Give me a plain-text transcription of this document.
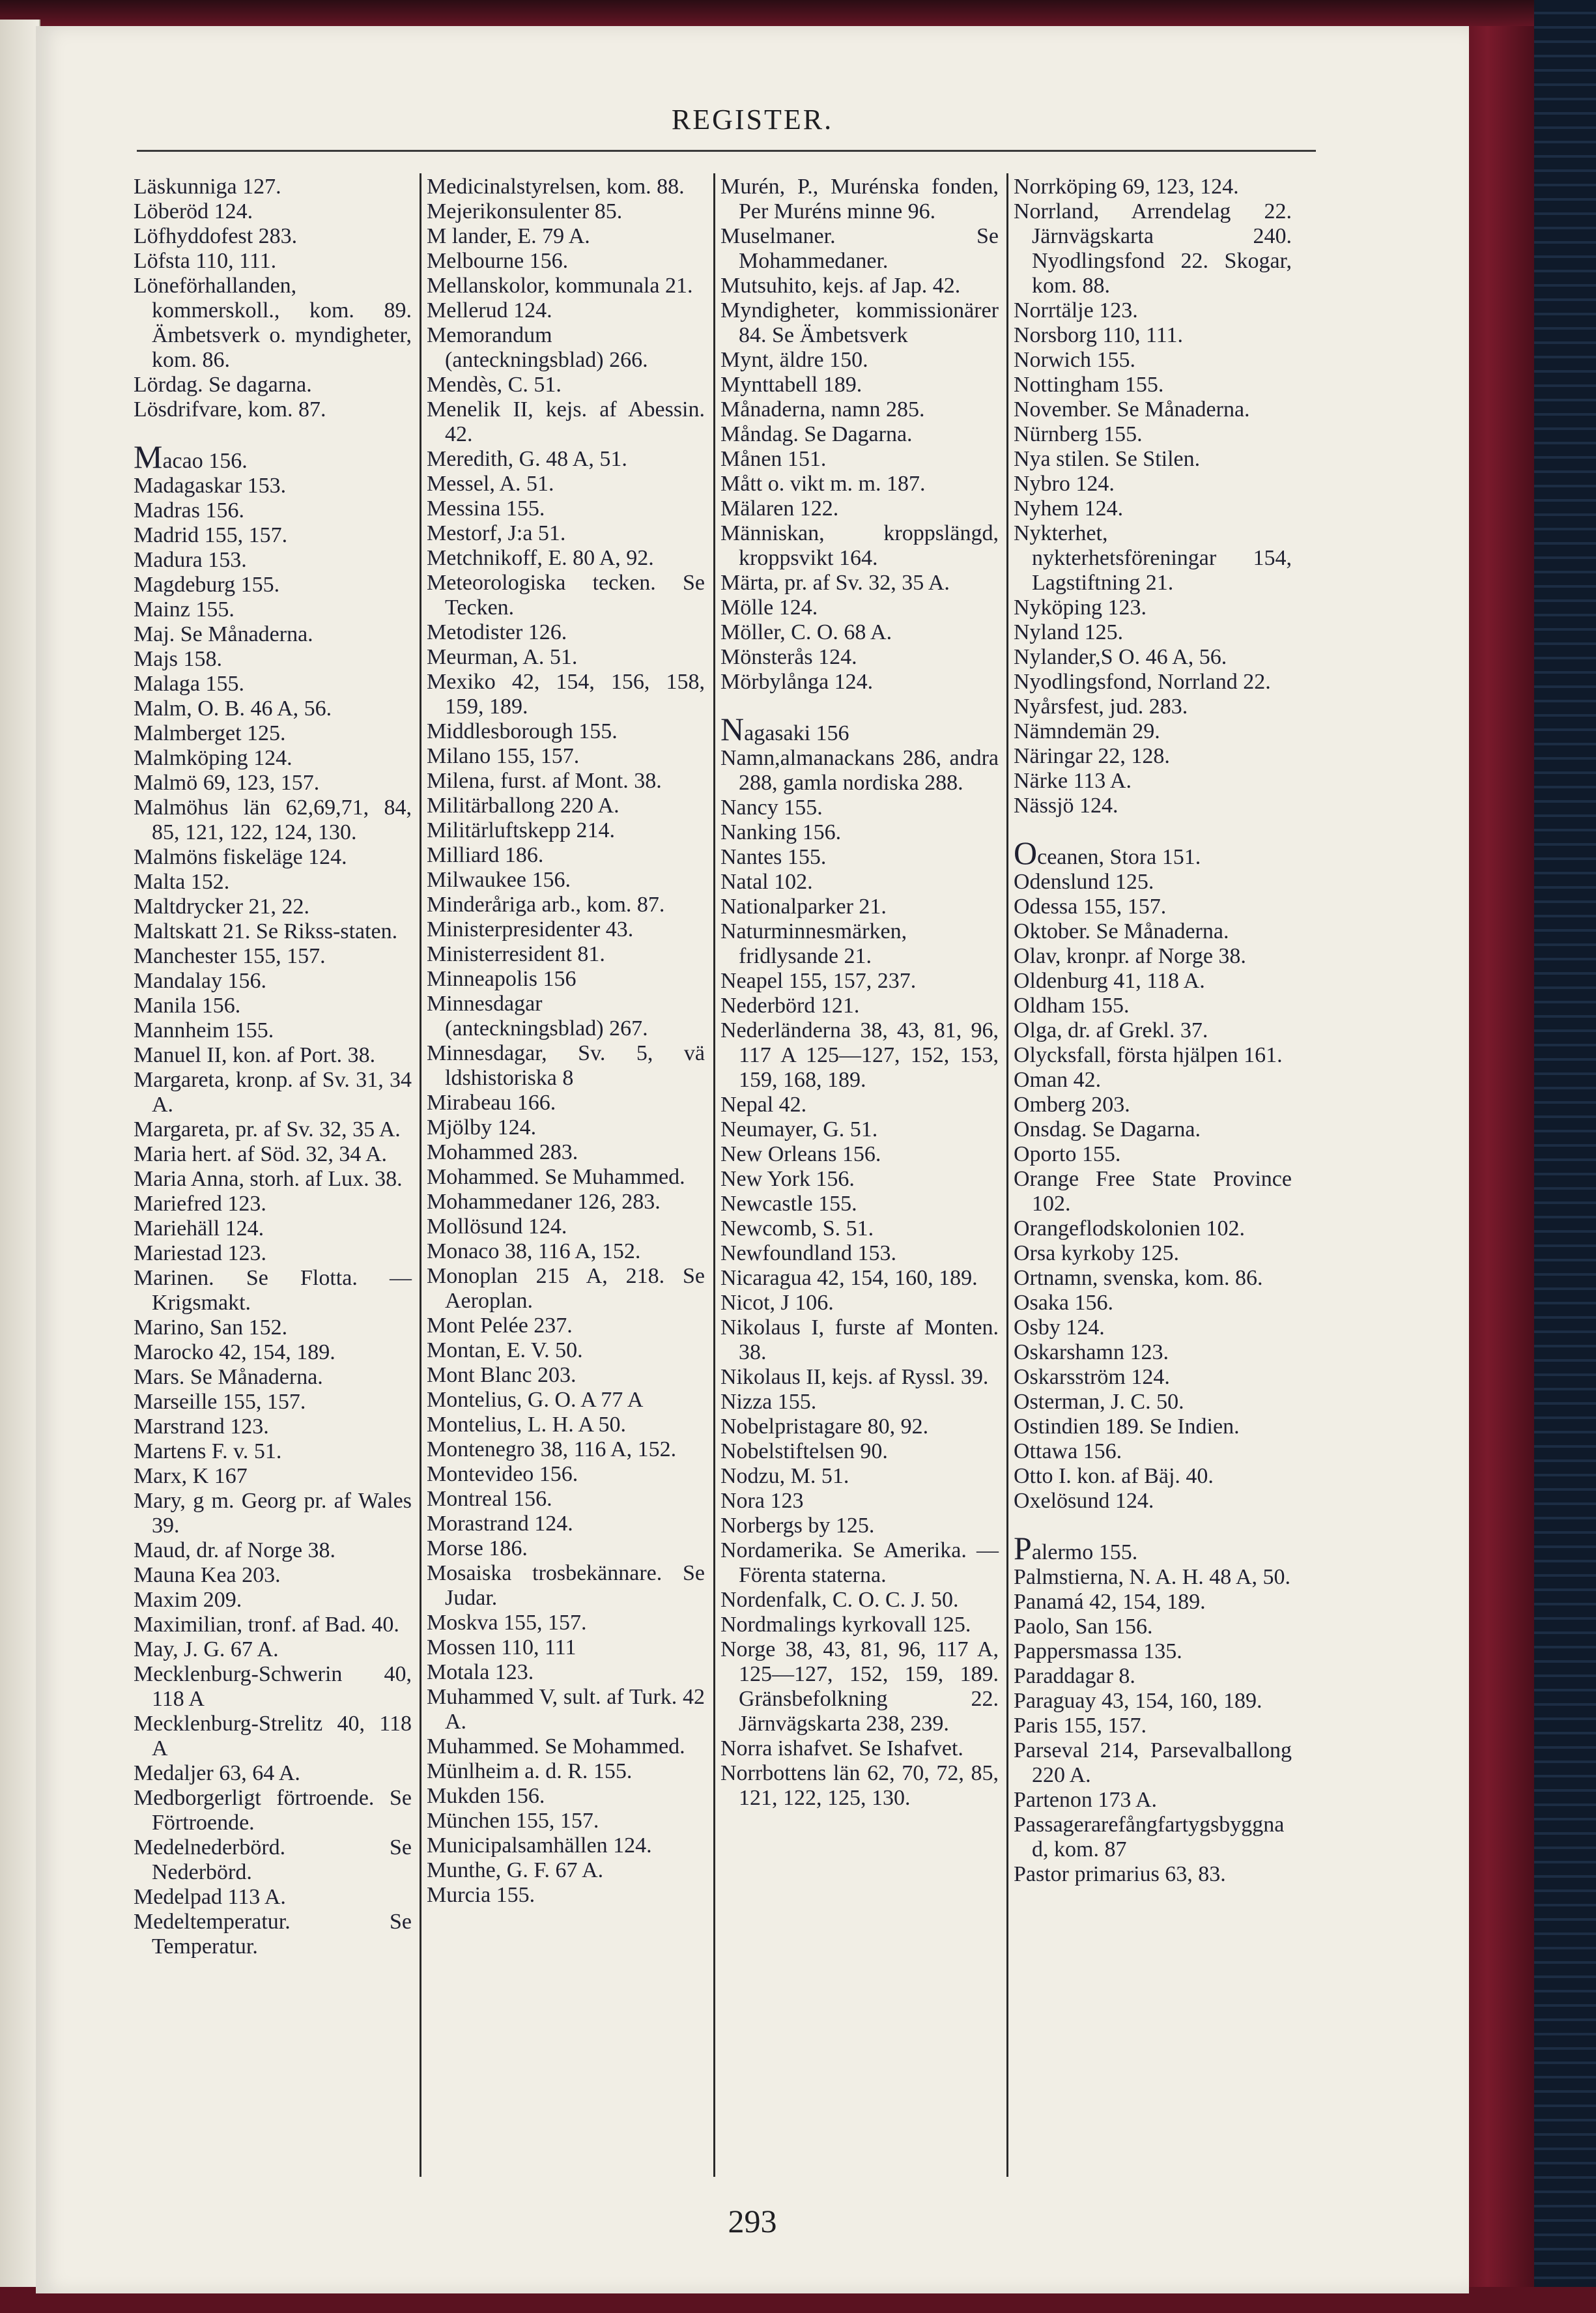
REGISTER.

Läskunniga 127.

Löberöd 124.

Löfhyddofest 283.

Löfsta 110, 111.

Löneförhallanden, kommerskoll., kom. 89. Ämbetsverk o. myndigheter, kom. 86.

Lördag. Se dagarna.

Lösdrifvare, kom. 87.

Macao 156.

Madagaskar 153.

Madras 156.

Madrid 155, 157.

Madura 153.

Magdeburg 155.

Mainz 155.

Maj. Se Månaderna.

Majs 158.

Malaga 155.

Malm, O. B. 46 A, 56.

Malmberget 125.

Malmköping 124.

Malmö 69, 123, 157.

Malmöhus län 62,69,71, 84, 85, 121, 122, 124, 130.

Malmöns fiskeläge 124.

Malta 152.

Maltdrycker 21, 22.

Maltskatt 21. Se Rikss-staten.

Manchester 155, 157.

Mandalay 156.

Manila 156.

Mannheim 155.

Manuel II, kon. af Port. 38.

Margareta, kronp. af Sv. 31, 34 A.

Margareta, pr. af Sv. 32, 35 A.

Maria hert. af Söd. 32, 34 A.

Maria Anna, storh. af Lux. 38.

Mariefred 123.

Mariehäll 124.

Mariestad 123.

Marinen. Se Flotta. — Krigsmakt.

Marino, San 152.

Marocko 42, 154, 189.

Mars. Se Månaderna.

Marseille 155, 157.

Marstrand 123.

Martens F. v. 51.

Marx, K 167

Mary, g m. Georg pr. af Wales 39.

Maud, dr. af Norge 38.

Mauna Kea 203.

Maxim 209.

Maximilian, tronf. af Bad. 40.

May, J. G. 67 A.

Mecklenburg-Schwerin 40, 118 A

Mecklenburg-Strelitz 40, 118 A

Medaljer 63, 64 A.

Medborgerligt förtroende. Se Förtroende.

Medelnederbörd. Se Nederbörd.

Medelpad 113 A.

Medeltemperatur. Se Temperatur.

Medicinalstyrelsen, kom. 88.

Mejerikonsulenter 85.

M lander, E. 79 A.

Melbourne 156.

Mellanskolor, kommunala 21.

Mellerud 124.

Memorandum (anteckningsblad) 266.

Mendès, C. 51.

Menelik II, kejs. af Abessin. 42.

Meredith, G. 48 A, 51.

Messel, A. 51.

Messina 155.

Mestorf, J:a 51.

Metchnikoff, E. 80 A, 92.

Meteorologiska tecken. Se Tecken.

Metodister 126.

Meurman, A. 51.

Mexiko 42, 154, 156, 158, 159, 189.

Middlesborough 155.

Milano 155, 157.

Milena, furst. af Mont. 38.

Militärballong 220 A.

Militärluftskepp 214.

Milliard 186.

Milwaukee 156.

Minderåriga arb., kom. 87.

Ministerpresidenter 43.

Ministerresident 81.

Minneapolis 156

Minnesdagar (anteckningsblad) 267.

Minnesdagar, Sv. 5, vä ldshistoriska 8

Mirabeau 166.

Mjölby 124.

Mohammed 283.

Mohammed. Se Muhammed.

Mohammedaner 126, 283.

Mollösund 124.

Monaco 38, 116 A, 152.

Monoplan 215 A, 218. Se Aeroplan.

Mont Pelée 237.

Montan, E. V. 50.

Mont Blanc 203.

Montelius, G. O. A 77 A

Montelius, L. H. A 50.

Montenegro 38, 116 A, 152.

Montevideo 156.

Montreal 156.

Morastrand 124.

Morse 186.

Mosaiska trosbekännare. Se Judar.

Moskva 155, 157.

Mossen 110, 111

Motala 123.

Muhammed V, sult. af Turk. 42 A.

Muhammed. Se Mohammed.

Münlheim a. d. R. 155.

Mukden 156.

München 155, 157.

Municipalsamhällen 124.

Munthe, G. F. 67 A.

Murcia 155.

Murén, P., Murénska fonden, Per Muréns minne 96.

Muselmaner. Se Mohammedaner.

Mutsuhito, kejs. af Jap. 42.

Myndigheter, kommissionärer 84. Se Ämbetsverk

Mynt, äldre 150.

Mynttabell 189.

Månaderna, namn 285.

Måndag. Se Dagarna.

Månen 151.

Mått o. vikt m. m. 187.

Mälaren 122.

Människan, kroppslängd, kroppsvikt 164.

Märta, pr. af Sv. 32, 35 A.

Mölle 124.

Möller, C. O. 68 A.

Mönsterås 124.

Mörbylånga 124.

Nagasaki 156

Namn,almanackans 286, andra 288, gamla nordiska 288.

Nancy 155.

Nanking 156.

Nantes 155.

Natal 102.

Nationalparker 21.

Naturminnesmärken, fridlysande 21.

Neapel 155, 157, 237.

Nederbörd 121.

Nederländerna 38, 43, 81, 96, 117 A 125—127, 152, 153, 159, 168, 189.

Nepal 42.

Neumayer, G. 51.

New Orleans 156.

New York 156.

Newcastle 155.

Newcomb, S. 51.

Newfoundland 153.

Nicaragua 42, 154, 160, 189.

Nicot, J 106.

Nikolaus I, furste af Monten. 38.

Nikolaus II, kejs. af Ryssl. 39.

Nizza 155.

Nobelpristagare 80, 92.

Nobelstiftelsen 90.

Nodzu, M. 51.

Nora 123

Norbergs by 125.

Nordamerika. Se Amerika. — Förenta staterna.

Nordenfalk, C. O. C. J. 50.

Nordmalings kyrkovall 125.

Norge 38, 43, 81, 96, 117 A, 125—127, 152, 159, 189. Gränsbefolkning 22. Järnvägskarta 238, 239.

Norra ishafvet. Se Ishafvet.

Norrbottens län 62, 70, 72, 85, 121, 122, 125, 130.

Norrköping 69, 123, 124.

Norrland, Arrendelag 22. Järnvägskarta 240. Nyodlingsfond 22. Skogar, kom. 88.

Norrtälje 123.

Norsborg 110, 111.

Norwich 155.

Nottingham 155.

November. Se Månaderna.

Nürnberg 155.

Nya stilen. Se Stilen.

Nybro 124.

Nyhem 124.

Nykterhet, nykterhetsföreningar 154, Lagstiftning 21.

Nyköping 123.

Nyland 125.

Nylander,S O. 46 A, 56.

Nyodlingsfond, Norrland 22.

Nyårsfest, jud. 283.

Nämndemän 29.

Näringar 22, 128.

Närke 113 A.

Nässjö 124.

Oceanen, Stora 151.

Odenslund 125.

Odessa 155, 157.

Oktober. Se Månaderna.

Olav, kronpr. af Norge 38.

Oldenburg 41, 118 A.

Oldham 155.

Olga, dr. af Grekl. 37.

Olycksfall, första hjälpen 161.

Oman 42.

Omberg 203.

Onsdag. Se Dagarna.

Oporto 155.

Orange Free State Province 102.

Orangeflodskolonien 102.

Orsa kyrkoby 125.

Ortnamn, svenska, kom. 86.

Osaka 156.

Osby 124.

Oskarshamn 123.

Oskarsström 124.

Osterman, J. C. 50.

Ostindien 189. Se Indien.

Ottawa 156.

Otto I. kon. af Bäj. 40.

Oxelösund 124.

Palermo 155.

Palmstierna, N. A. H. 48 A, 50.

Panamá 42, 154, 189.

Paolo, San 156.

Pappersmassa 135.

Paraddagar 8.

Paraguay 43, 154, 160, 189.

Paris 155, 157.

Parseval 214, Parsevalballong 220 A.

Partenon 173 A.

Passagerarefångfartygsbyggnad, kom. 87

Pastor primarius 63, 83.

293
